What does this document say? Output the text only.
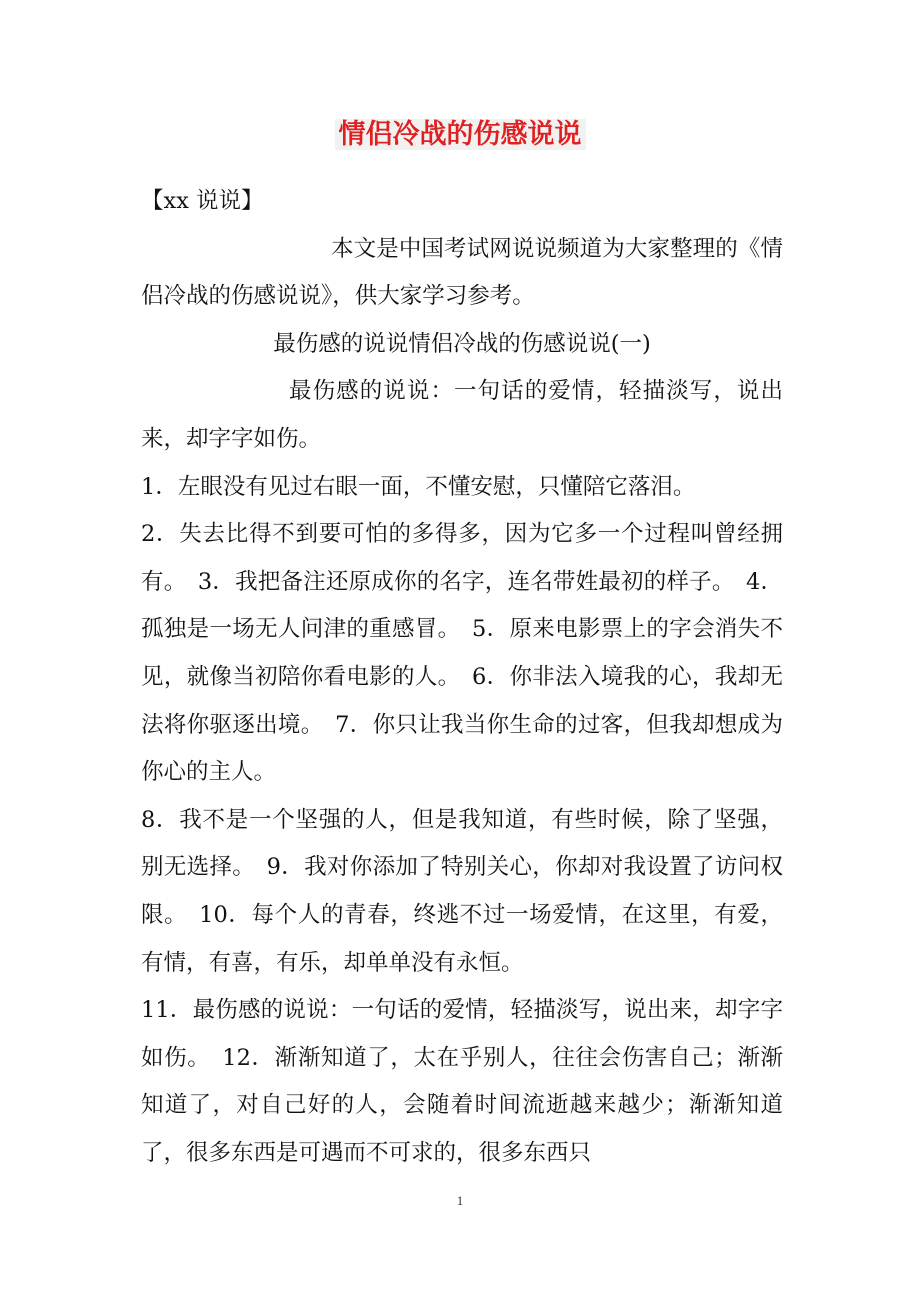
情侣冷战的伤感说说

【xx 说说】

本文是中国考试网说说频道为大家整理的《情侣冷战的伤感说说》，供大家学习参考。

最伤感的说说情侣冷战的伤感说说(一)

最伤感的说说：一句话的爱情，轻描淡写，说出来，却字字如伤。

1．左眼没有见过右眼一面，不懂安慰，只懂陪它落泪。

2．失去比得不到要可怕的多得多，因为它多一个过程叫曾经拥有。　3．我把备注还原成你的名字，连名带姓最初的样子。　4．孤独是一场无人问津的重感冒。　5．原来电影票上的字会消失不见，就像当初陪你看电影的人。　6．你非法入境我的心，我却无法将你驱逐出境。　7．你只让我当你生命的过客，但我却想成为你心的主人。

8．我不是一个坚强的人，但是我知道，有些时候，除了坚强，别无选择。　9．我对你添加了特别关心，你却对我设置了访问权限。　10．每个人的青春，终逃不过一场爱情，在这里，有爱，有情，有喜，有乐，却单单没有永恒。

11．最伤感的说说：一句话的爱情，轻描淡写，说出来，却字字如伤。　12．渐渐知道了，太在乎别人，往往会伤害自己；渐渐知道了，对自己好的人，会随着时间流逝越来越少；渐渐知道了，很多东西是可遇而不可求的，很多东西只

1
